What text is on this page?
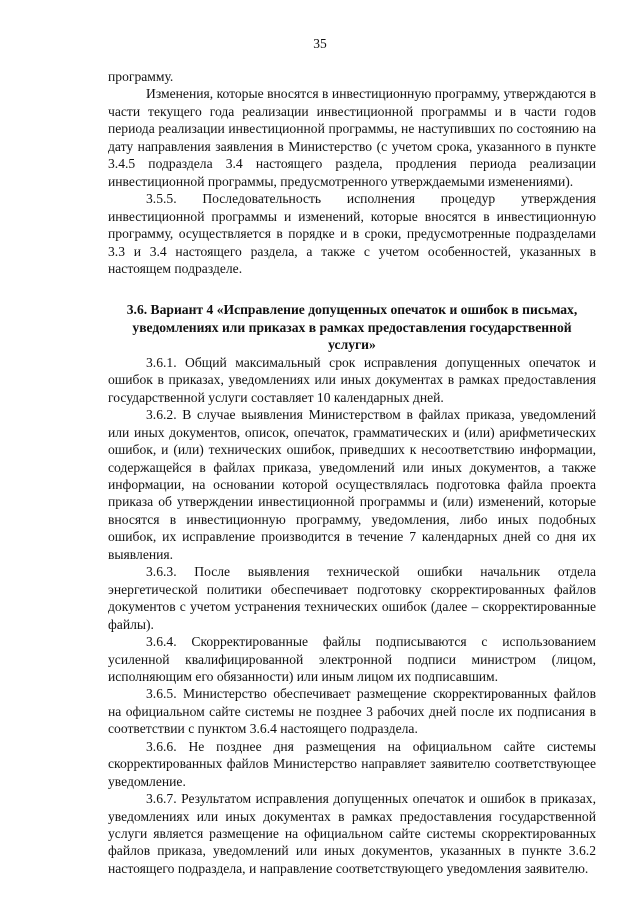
35

программу.

Изменения, которые вносятся в инвестиционную программу, утверждаются в части текущего года реализации инвестиционной программы и в части годов периода реализации инвестиционной программы, не наступивших по состоянию на дату направления заявления в Министерство (с учетом срока, указанного в пункте 3.4.5 подраздела 3.4 настоящего раздела, продления периода реализации инвестиционной программы, предусмотренного утверждаемыми изменениями).

3.5.5. Последовательность исполнения процедур утверждения инвестиционной программы и изменений, которые вносятся в инвестиционную программу, осуществляется в порядке и в сроки, предусмотренные подразделами 3.3 и 3.4 настоящего раздела, а также с учетом особенностей, указанных в настоящем подразделе.

3.6. Вариант 4 «Исправление допущенных опечаток и ошибок в письмах, уведомлениях или приказах в рамках предоставления государственной услуги»

3.6.1. Общий максимальный срок исправления допущенных опечаток и ошибок в приказах, уведомлениях или иных документах в рамках предоставления государственной услуги составляет 10 календарных дней.

3.6.2. В случае выявления Министерством в файлах приказа, уведомлений или иных документов, описок, опечаток, грамматических и (или) арифметических ошибок, и (или) технических ошибок, приведших к несоответствию информации, содержащейся в файлах приказа, уведомлений или иных документов, а также информации, на основании которой осуществлялась подготовка файла проекта приказа об утверждении инвестиционной программы и (или) изменений, которые вносятся в инвестиционную программу, уведомления, либо иных подобных ошибок, их исправление производится в течение 7 календарных дней со дня их выявления.

3.6.3. После выявления технической ошибки начальник отдела энергетической политики обеспечивает подготовку скорректированных файлов документов с учетом устранения технических ошибок (далее – скорректированные файлы).

3.6.4. Скорректированные файлы подписываются с использованием усиленной квалифицированной электронной подписи министром (лицом, исполняющим его обязанности) или иным лицом их подписавшим.

3.6.5. Министерство обеспечивает размещение скорректированных файлов на официальном сайте системы не позднее 3 рабочих дней после их подписания в соответствии с пунктом 3.6.4 настоящего подраздела.

3.6.6. Не позднее дня размещения на официальном сайте системы скорректированных файлов Министерство направляет заявителю соответствующее уведомление.

3.6.7. Результатом исправления допущенных опечаток и ошибок в приказах, уведомлениях или иных документах в рамках предоставления государственной услуги является размещение на официальном сайте системы скорректированных файлов приказа, уведомлений или иных документов, указанных в пункте 3.6.2 настоящего подраздела, и направление соответствующего уведомления заявителю.
